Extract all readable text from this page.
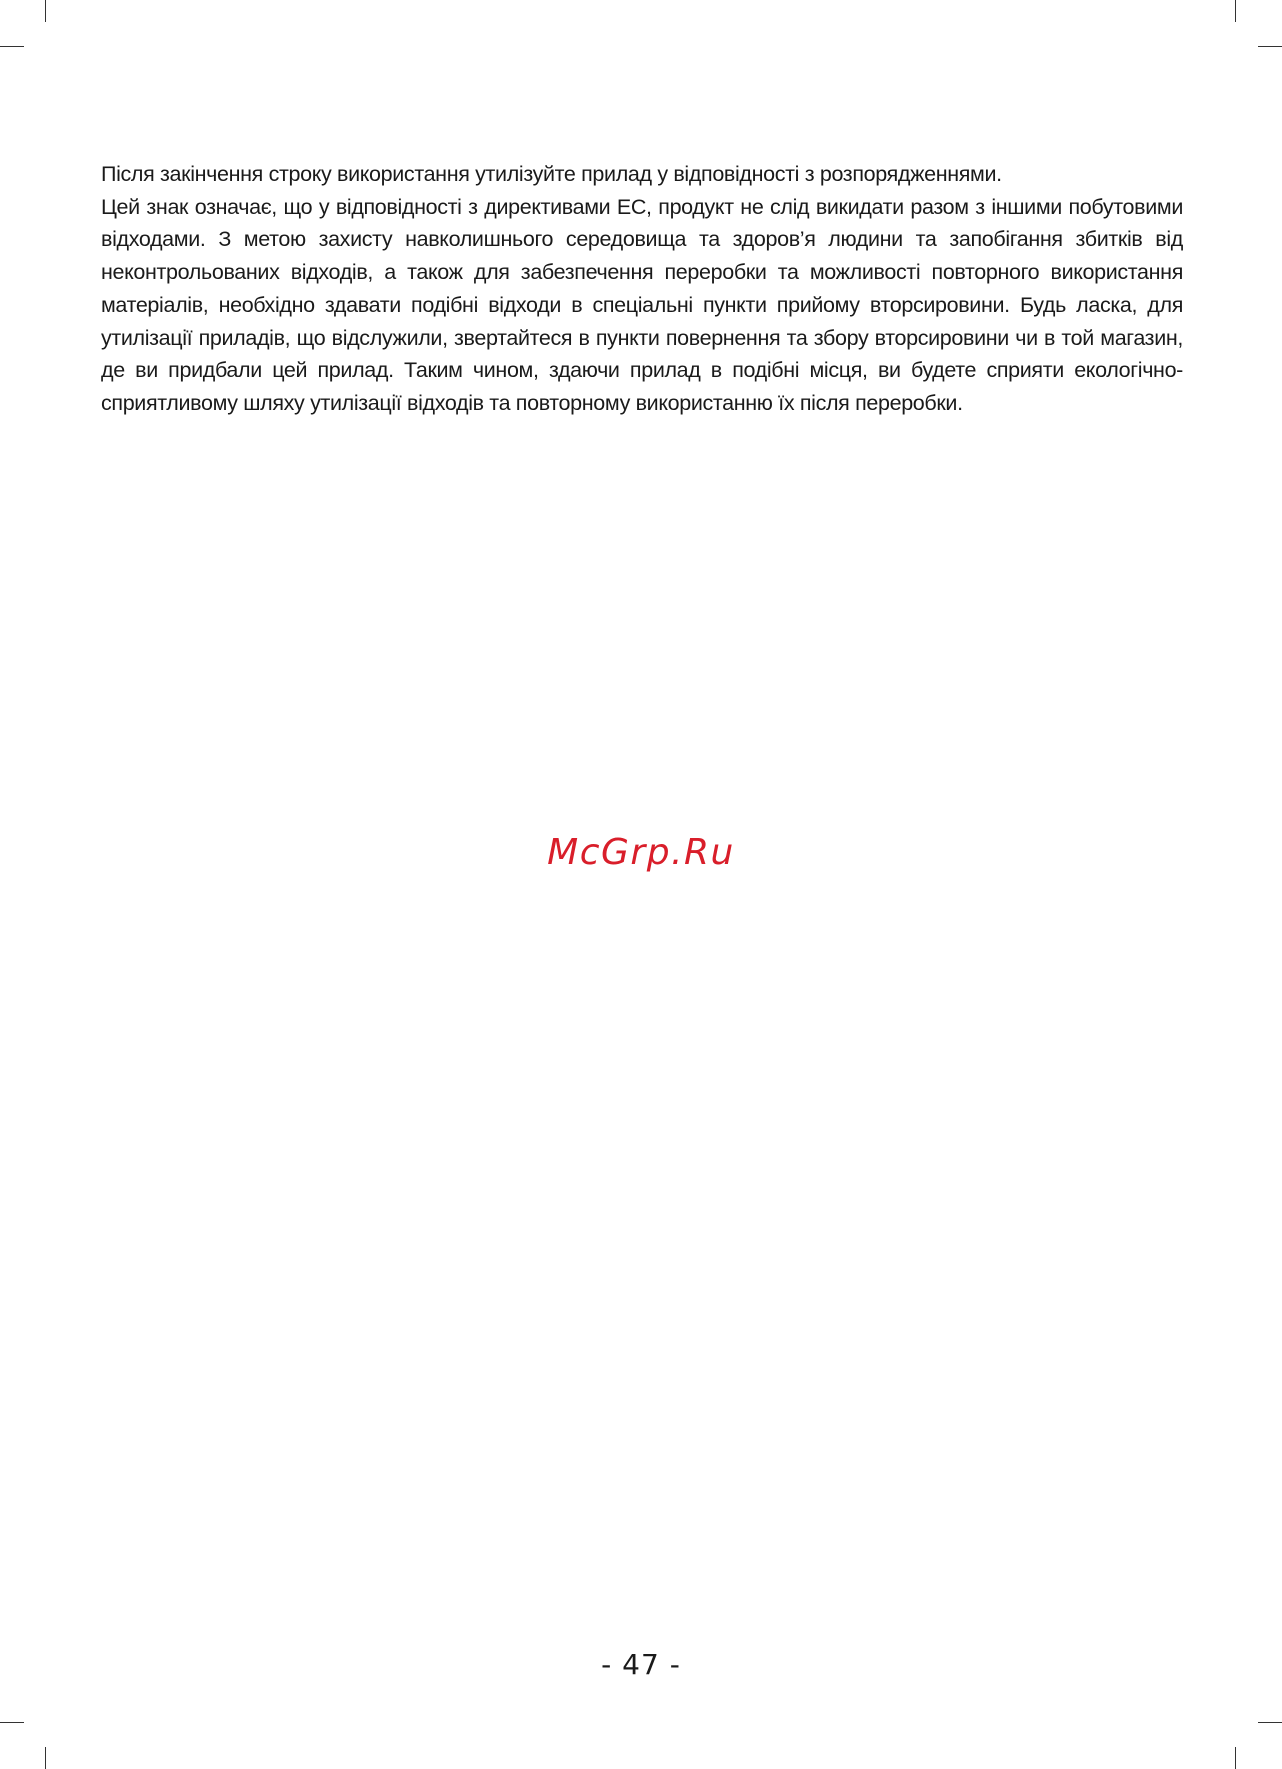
Після закінчення строку використання утилізуйте прилад у відповідності з розпорядженнями.

Цей знак означає, що у відповідності з директивами ЕС, продукт не слід викидати разом з іншими побутовими відходами. З метою захисту навколишнього середовища та здоров’я людини та запобігання збитків від неконтрольованих відходів, а також для забезпечення переробки та можливості повторного використання матеріалів, необхідно здавати подібні відходи в спеціальні пункти прийому вторсировини. Будь ласка, для утилізації приладів, що відслужили, звертайтеся в пункти повернення та збору вторсировини чи в той магазин, де ви придбали цей прилад. Таким чином, здаючи прилад в подібні місця, ви будете сприяти екологічно-сприятливому шляху утилізації відходів та повторному використанню їх після переробки.

McGrp.Ru
- 47 -
